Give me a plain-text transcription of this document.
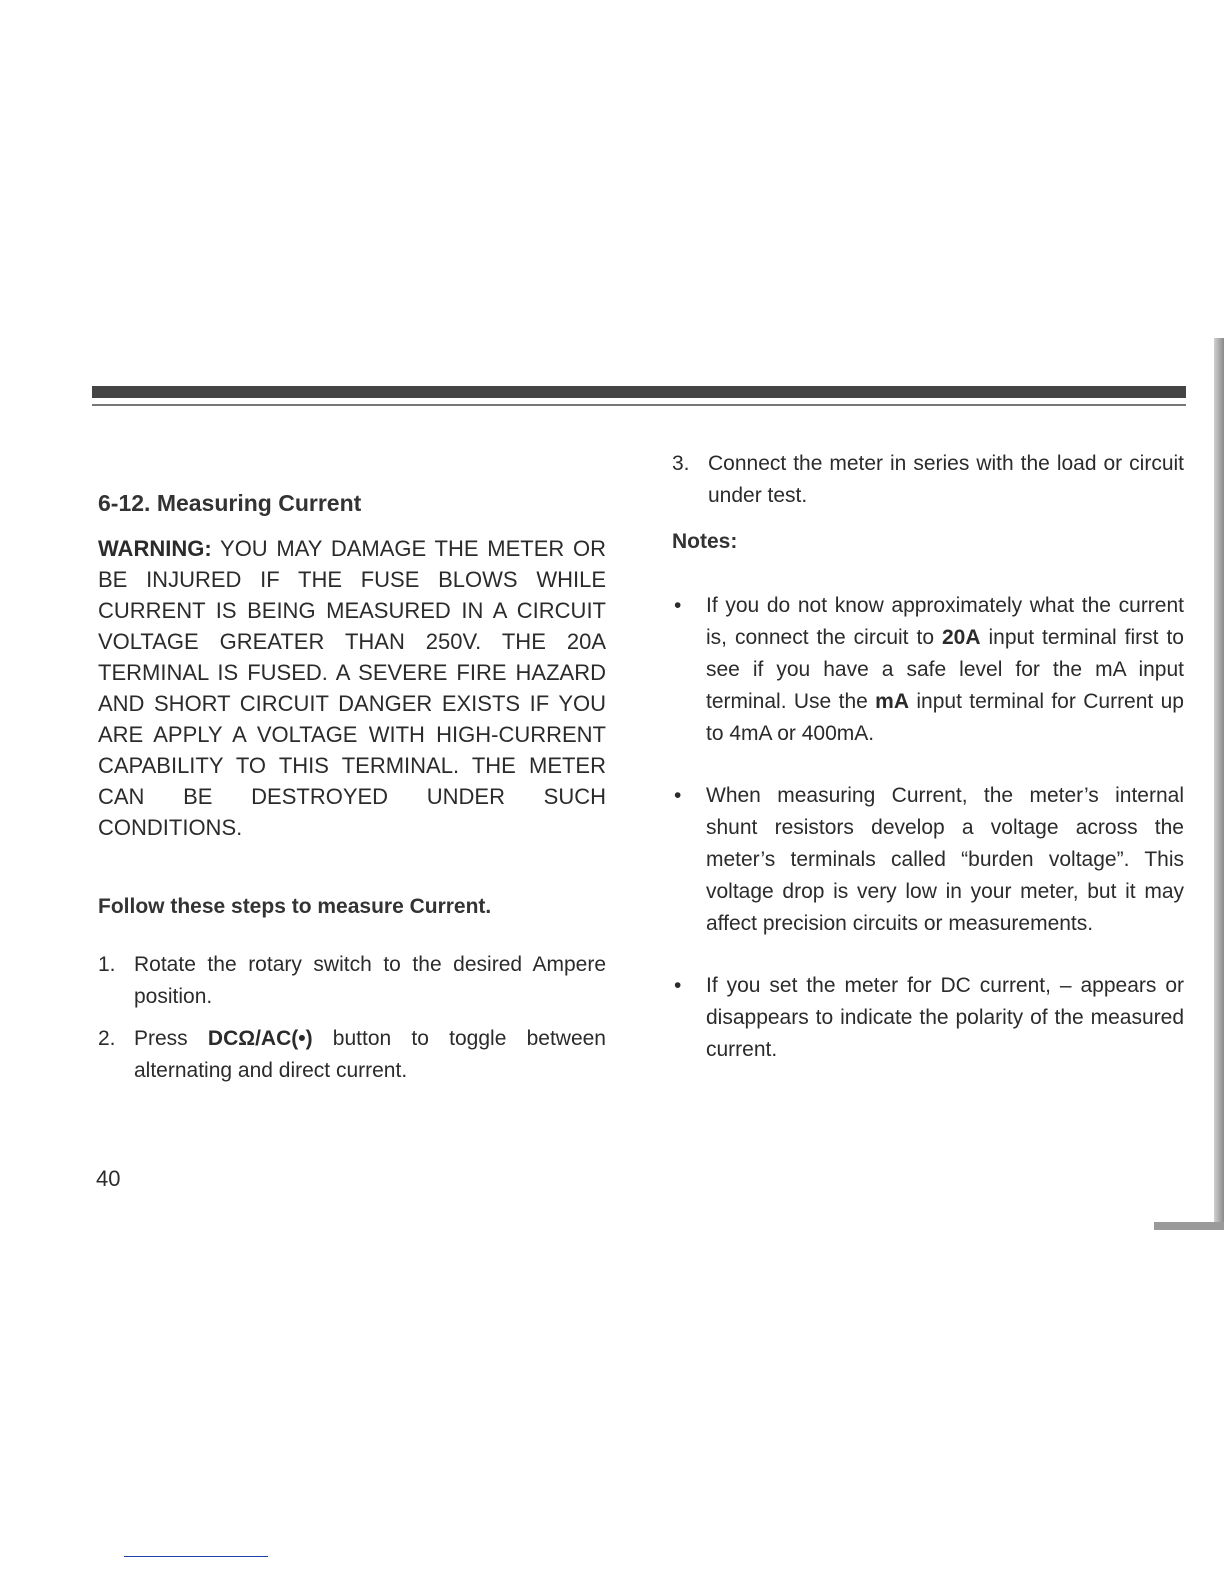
6-12. Measuring Current

WARNING: YOU MAY DAMAGE THE METER OR BE INJURED IF THE FUSE BLOWS WHILE CURRENT IS BEING MEASURED IN A CIRCUIT VOLTAGE GREATER THAN 250V. THE 20A TERMINAL IS FUSED. A SEVERE FIRE HAZARD AND SHORT CIRCUIT DANGER EXISTS IF YOU ARE APPLY A VOLTAGE WITH HIGH-CURRENT CAPABILITY TO THIS TERMINAL. THE METER CAN BE DESTROYED UNDER SUCH CONDITIONS.

Follow these steps to measure Current.
1. Rotate the rotary switch to the desired Ampere position.
2. Press DCΩ/AC(•) button to toggle between alternating and direct current.
40
3. Connect the meter in series with the load or circuit under test.
Notes:
•	If you do not know approximately what the current is, connect the circuit to 20A input terminal first to see if you have a safe level for the mA input terminal. Use the mA input terminal for Current up to 4mA or 400mA.
•	When measuring Current, the meter’s internal shunt resistors develop a voltage across the meter’s terminals called “burden voltage”. This voltage drop is very low in your meter, but it may affect precision circuits or measurements.
•	If you set the meter for DC current, – appears or disappears to indicate the polarity of the measured current.
